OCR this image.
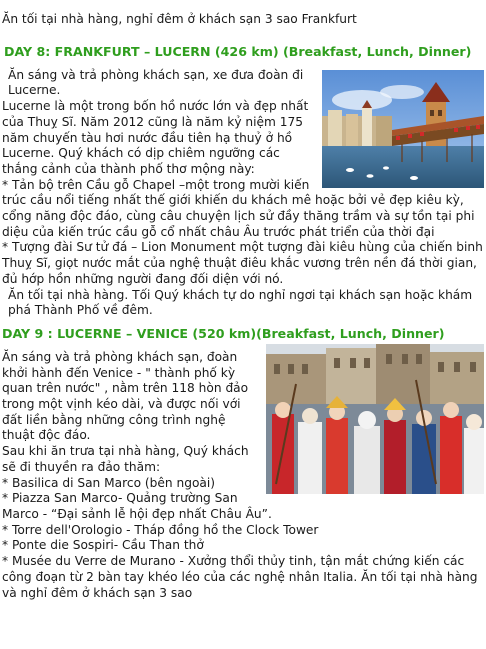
Ăn tối tại nhà hàng, nghỉ đêm ở khách sạn 3 sao Frankfurt

DAY 8: FRANKFURT – LUCERN (426 km) (Breakfast, Lunch, Dinner)

Ăn sáng và trả phòng khách sạn, xe đưa đoàn đi Lucerne.

Lucerne là một trong bốn hồ nước lớn và đẹp nhất của Thuỵ Sĩ. Năm 2012 cũng là năm kỷ niệm 175 năm chuyến tàu hơi nước đầu tiên hạ thuỷ ở hồ Lucerne. Quý khách có dịp chiêm ngưỡng các thắng cảnh của thành phố thơ mộng này:

* Tản bộ trên Cầu gỗ Chapel –một trong mười kiến trúc cầu nổi tiếng nhất thế giới khiến du khách mê hoặc bởi vẻ đẹp kiêu kỳ, cổng năng độc đáo, cùng câu chuyện lịch sử đầy thăng trầm và sự tồn tại phi diệu của kiến trúc cầu gỗ cổ nhất châu Âu trước phát triển của thời đại

* Tượng đài Sư tử đá – Lion Monument một tượng đài kiêu hùng của chiến binh Thuỵ Sĩ, giọt nước mắt của nghệ thuật điêu khắc vương trên nền đá thời gian, đủ hớp hồn những người đang đối diện với nó.

Ăn tối tại nhà hàng. Tối Quý khách tự do nghỉ ngơi tại khách sạn hoặc khám phá Thành Phố về đêm.

DAY 9 : LUCERNE – VENICE (520 km)(Breakfast, Lunch, Dinner)

Ăn sáng và trả phòng khách sạn, đoàn khởi hành đến Venice - " thành phố kỳ quan trên nước" , nằm trên 118 hòn đảo trong một vịnh kéo dài, và được nối với đất liền bằng những công trình nghệ thuật độc đáo.

Sau khi ăn trưa tại nhà hàng, Quý khách sẽ đi thuyền ra đảo thăm:

* Basilica di San Marco (bên ngoài)

* Piazza San Marco- Quảng trường San Marco - “Đại sảnh lễ hội đẹp nhất Châu Âu”.

* Torre dell'Orologio - Tháp đồng hồ the Clock Tower

* Ponte die Sospiri- Cầu Than thở

* Musée du Verre de Murano - Xưởng thổi thủy tinh, tận mắt chứng kiến các công đoạn từ 2 bàn tay khéo léo của các nghệ nhân Italia. Ăn tối tại nhà hàng và nghỉ đêm ở khách sạn 3 sao
